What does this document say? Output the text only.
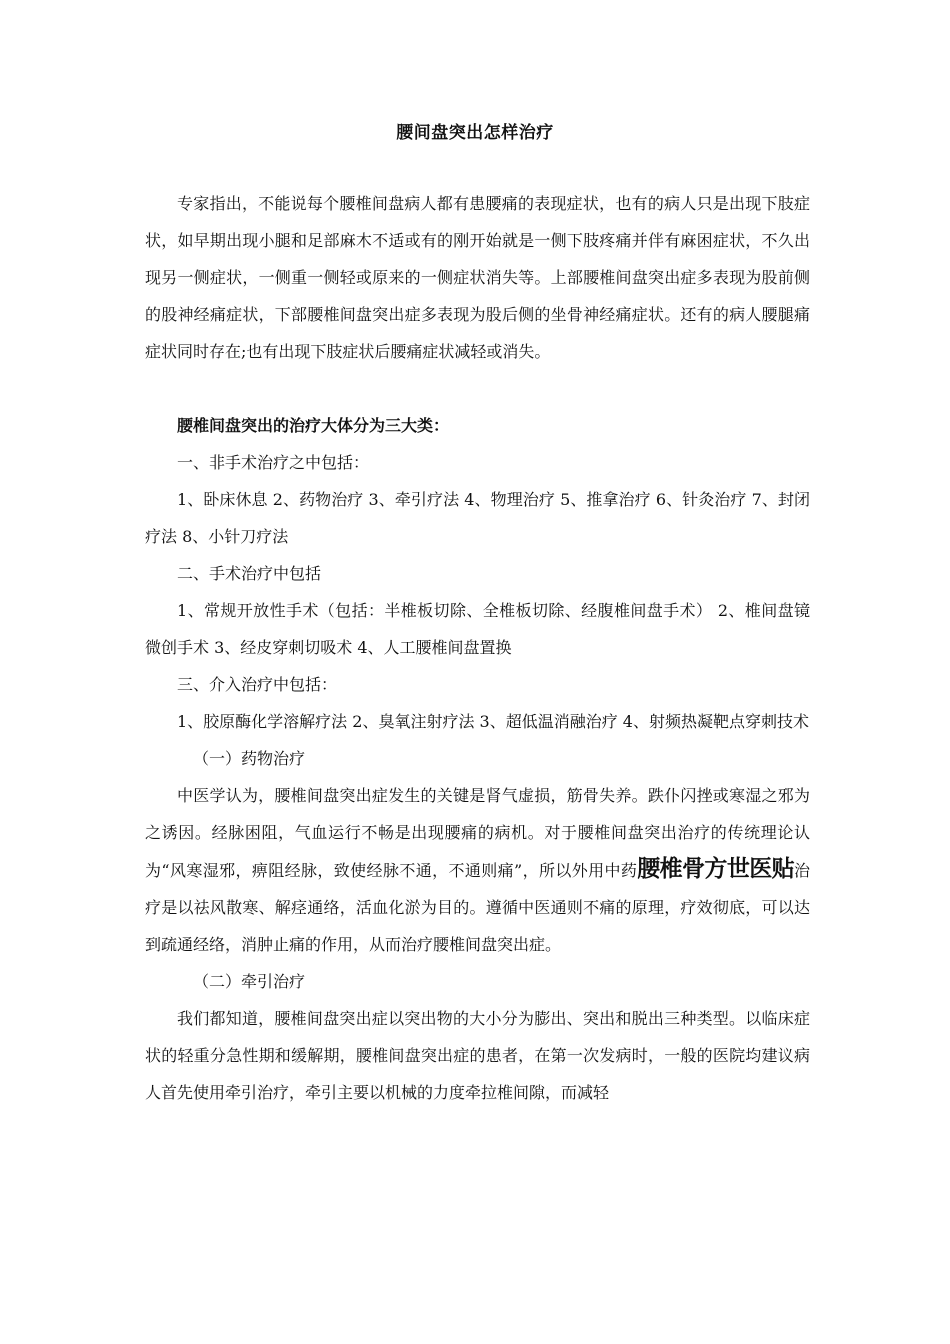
腰间盘突出怎样治疗

专家指出，不能说每个腰椎间盘病人都有患腰痛的表现症状，也有的病人只是出现下肢症状，如早期出现小腿和足部麻木不适或有的刚开始就是一侧下肢疼痛并伴有麻困症状，不久出现另一侧症状，一侧重一侧轻或原来的一侧症状消失等。上部腰椎间盘突出症多表现为股前侧的股神经痛症状，下部腰椎间盘突出症多表现为股后侧的坐骨神经痛症状。还有的病人腰腿痛症状同时存在;也有出现下肢症状后腰痛症状减轻或消失。

腰椎间盘突出的治疗大体分为三大类：

一、非手术治疗之中包括：

1、卧床休息 2、药物治疗 3、牵引疗法 4、物理治疗 5、推拿治疗 6、针灸治疗 7、封闭疗法 8、小针刀疗法

二、手术治疗中包括

1、常规开放性手术（包括：半椎板切除、全椎板切除、经腹椎间盘手术） 2、椎间盘镜微创手术 3、经皮穿刺切吸术 4、人工腰椎间盘置换

三、介入治疗中包括：

1、胶原酶化学溶解疗法 2、臭氧注射疗法 3、超低温消融治疗 4、射频热凝靶点穿刺技术

（一）药物治疗

中医学认为，腰椎间盘突出症发生的关键是肾气虚损，筋骨失养。跌仆闪挫或寒湿之邪为之诱因。经脉困阻，气血运行不畅是出现腰痛的病机。对于腰椎间盘突出治疗的传统理论认为“风寒湿邪，痹阻经脉，致使经脉不通，不通则痛”，所以外用中药腰椎骨方世医贴治疗是以祛风散寒、解痉通络，活血化淤为目的。遵循中医通则不痛的原理，疗效彻底，可以达到疏通经络，消肿止痛的作用，从而治疗腰椎间盘突出症。

（二）牵引治疗

我们都知道，腰椎间盘突出症以突出物的大小分为膨出、突出和脱出三种类型。以临床症状的轻重分急性期和缓解期，腰椎间盘突出症的患者，在第一次发病时，一般的医院均建议病人首先使用牵引治疗，牵引主要以机械的力度牵拉椎间隙，而减轻
